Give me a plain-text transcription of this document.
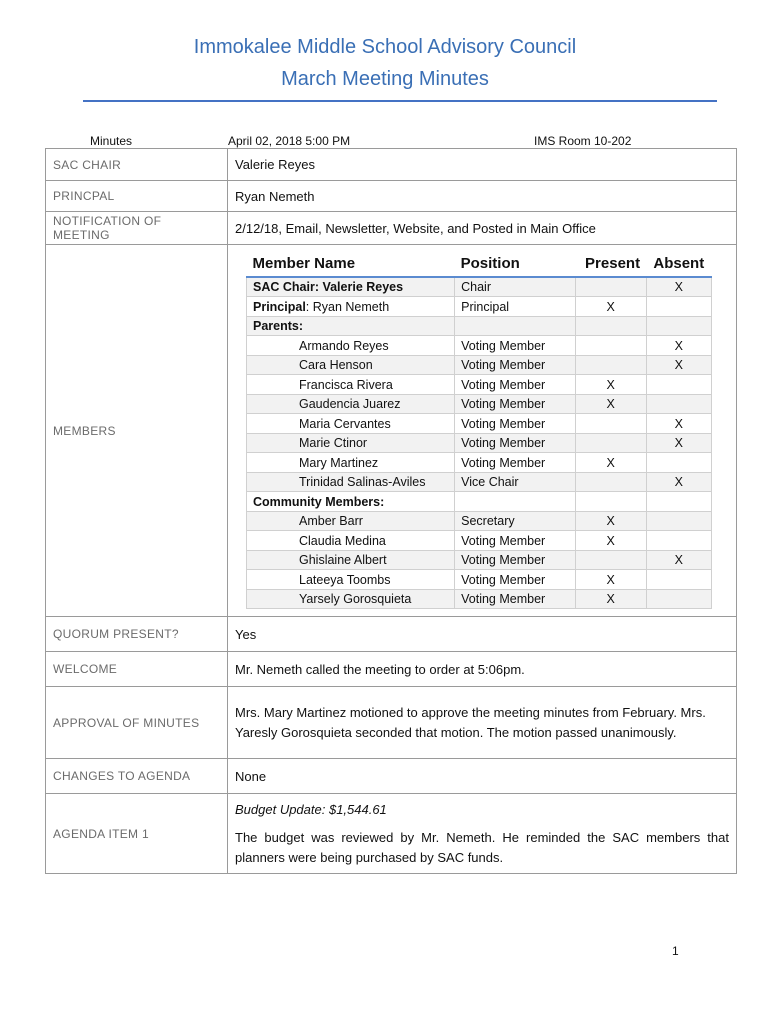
Immokalee Middle School Advisory Council
March Meeting Minutes
Minutes	April 02, 2018 5:00 PM	IMS Room 10-202
SAC CHAIR	Valerie Reyes
PRINCPAL	Ryan Nemeth
NOTIFICATION OF MEETING	2/12/18, Email, Newsletter, Website, and Posted in Main Office
MEMBERS	
Member Name	Position	Present	Absent
SAC Chair: Valerie Reyes	Chair		X
Principal: Ryan Nemeth	Principal	X	
Parents:			
Armando Reyes	Voting Member		X
Cara Henson	Voting Member		X
Francisca Rivera	Voting Member	X	
Gaudencia Juarez	Voting Member	X	
Maria Cervantes	Voting Member		X
Marie Ctinor	Voting Member		X
Mary Martinez	Voting Member	X	
Trinidad Salinas-Aviles	Vice Chair		X
Community Members:			
Amber Barr	Secretary	X	
Claudia Medina	Voting Member	X	
Ghislaine Albert	Voting Member		X
Lateeya Toombs	Voting Member	X	
Yarsely Gorosquieta	Voting Member	X	

QUORUM PRESENT?	Yes
WELCOME	Mr. Nemeth called the meeting to order at 5:06pm.
APPROVAL OF MINUTES	

Mrs. Mary Martinez motioned to approve the meeting minutes from February. Mrs. Yaresly Gorosquieta seconded that motion. The motion passed unanimously.

CHANGES TO AGENDA	None
AGENDA ITEM 1	

Budget Update: $1,544.61

The budget was reviewed by Mr. Nemeth. He reminded the SAC members that planners were being purchased by SAC funds.

1
